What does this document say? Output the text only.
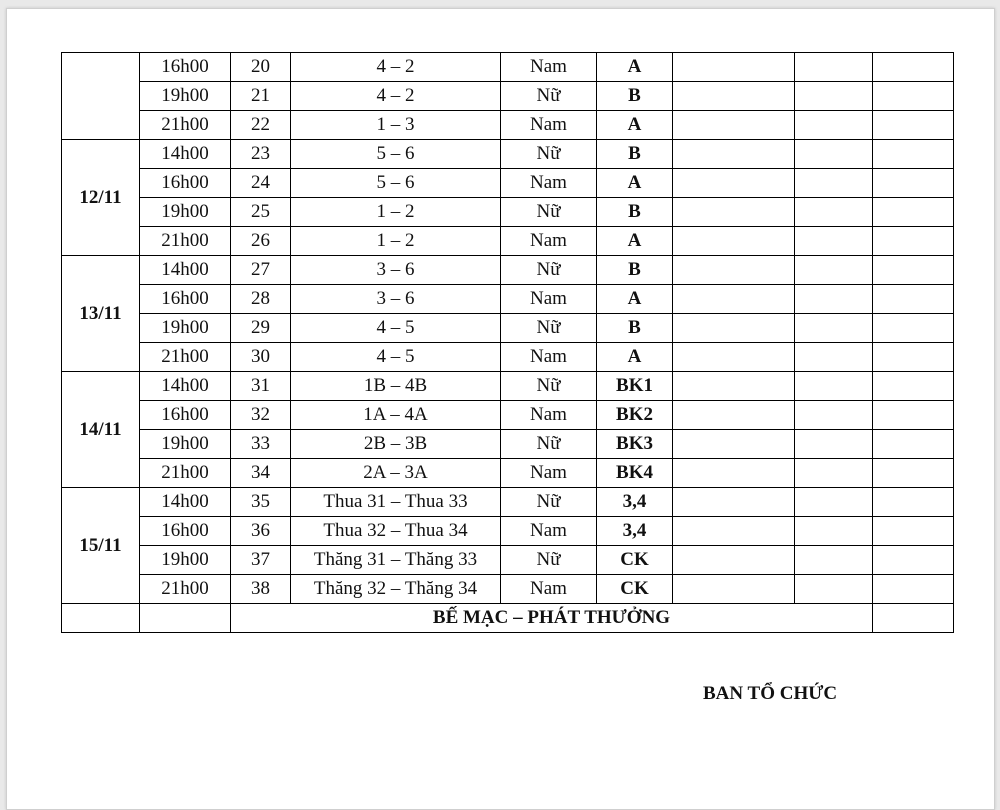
	16h00	20	4 – 2	Nam	A			
	19h00	21	4 – 2	Nữ	B			
	21h00	22	1 – 3	Nam	A			
12/11	14h00	23	5 – 6	Nữ	B			
	16h00	24	5 – 6	Nam	A			
	19h00	25	1 – 2	Nữ	B			
	21h00	26	1 – 2	Nam	A			
13/11	14h00	27	3 – 6	Nữ	B			
	16h00	28	3 – 6	Nam	A			
	19h00	29	4 – 5	Nữ	B			
	21h00	30	4 – 5	Nam	A			
14/11	14h00	31	1B – 4B	Nữ	BK1			
	16h00	32	1A – 4A	Nam	BK2			
	19h00	33	2B – 3B	Nữ	BK3			
	21h00	34	2A – 3A	Nam	BK4			
15/11	14h00	35	Thua 31 – Thua 33	Nữ	3,4			
	16h00	36	Thua 32 – Thua 34	Nam	3,4			
	19h00	37	Thăng 31 – Thăng 33	Nữ	CK			
	21h00	38	Thăng 32 – Thăng 34	Nam	CK			
		BẾ MẠC – PHÁT THƯỞNG						
BAN TỔ CHỨC
